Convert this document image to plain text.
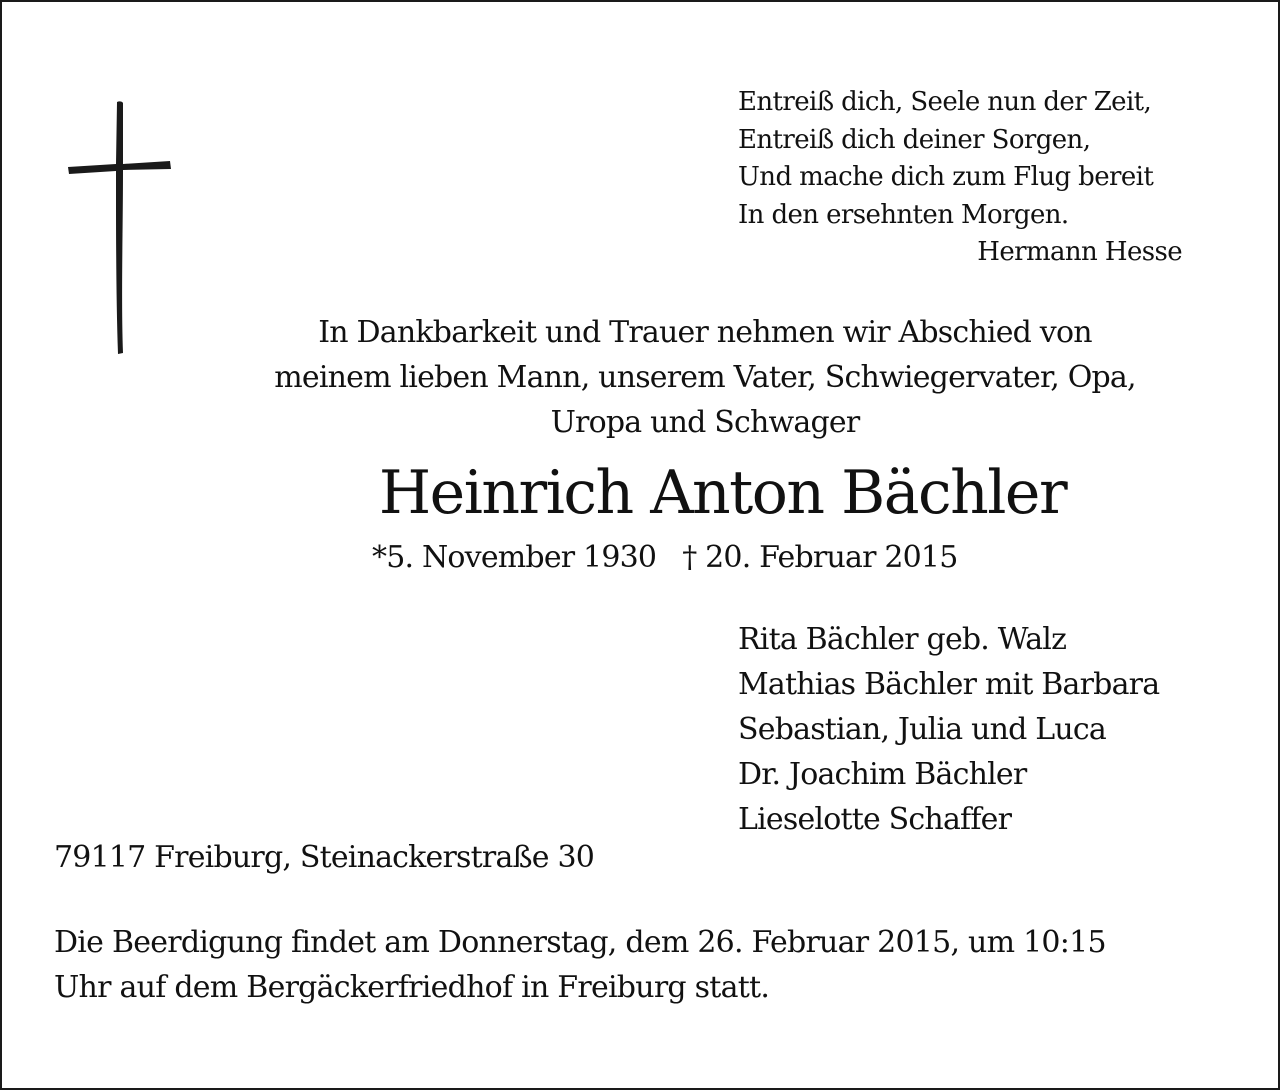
Entreiß dich, Seele nun der Zeit,
Entreiß dich deiner Sorgen,
Und mache dich zum Flug bereit
In den ersehnten Morgen.
Hermann Hesse
In Dankbarkeit und Trauer nehmen wir Abschied von
meinem lieben Mann, unserem Vater, Schwiegervater, Opa,
Uropa und Schwager
Heinrich Anton Bächler
*5. November 1930 † 20. Februar 2015
Rita Bächler geb. Walz
Mathias Bächler mit Barbara
Sebastian, Julia und Luca
Dr. Joachim Bächler
Lieselotte Schaffer
79117 Freiburg, Steinackerstraße 30
Die Beerdigung findet am Donnerstag, dem 26. Februar 2015, um 10:15
Uhr auf dem Bergäckerfriedhof in Freiburg statt.
